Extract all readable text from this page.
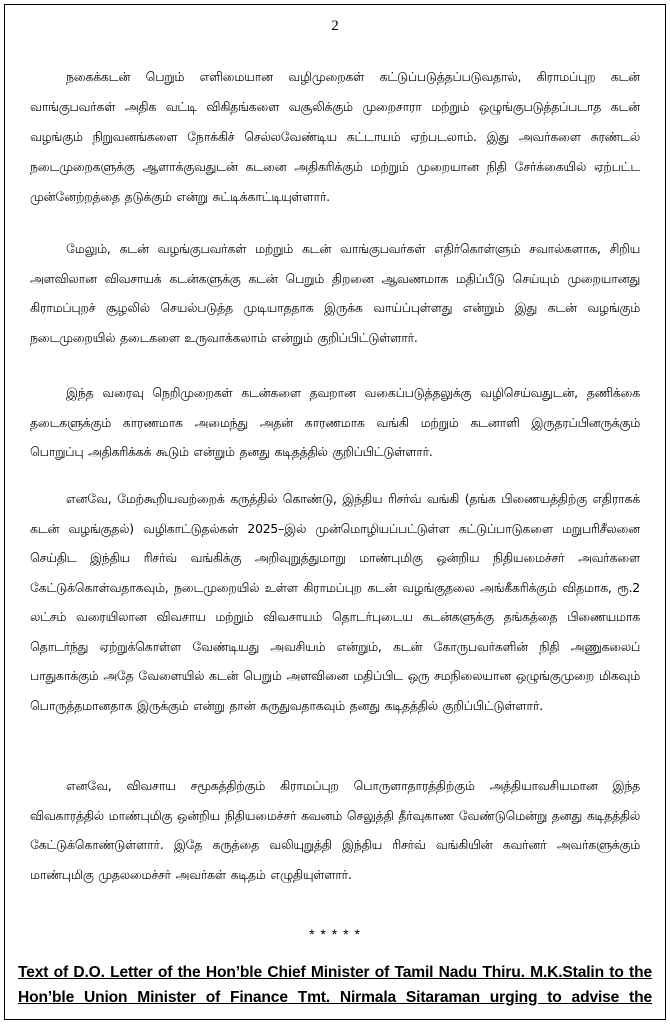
2

நகைக்கடன் பெறும் எளிமையான வழிமுறைகள் கட்டுப்படுத்தப்படுவதால், கிராமப்புற கடன் வாங்குபவர்கள் அதிக வட்டி விகிதங்களை வசூலிக்கும் முறைசாரா மற்றும் ஒழுங்குபடுத்தப்படாத கடன் வழங்கும் நிறுவனங்களை நோக்கிச் செல்லவேண்டிய கட்டாயம் ஏற்படலாம். இது அவர்களை சுரண்டல் நடைமுறைகளுக்கு ஆளாக்குவதுடன் கடனை அதிகரிக்கும் மற்றும் முறையான நிதி சேர்க்கையில் ஏற்பட்ட முன்னேற்றத்தை தடுக்கும் என்று சுட்டிக்காட்டியுள்ளார்.

மேலும், கடன் வழங்குபவர்கள் மற்றும் கடன் வாங்குபவர்கள் எதிர்கொள்ளும் சவால்களாக, சிறிய அளவிலான விவசாயக் கடன்களுக்கு கடன் பெறும் திறனை ஆவணமாக மதிப்பீடு செய்யும் முறையானது கிராமப்புறச் சூழலில் செயல்படுத்த முடியாததாக இருக்க வாய்ப்புள்ளது என்றும் இது கடன் வழங்கும் நடைமுறையில் தடைகளை உருவாக்கலாம் என்றும் குறிப்பிட்டுள்ளார்.

இந்த வரைவு நெறிமுறைகள் கடன்களை தவறான வகைப்படுத்தலுக்கு வழிசெய்வதுடன், தணிக்கை தடைகளுக்கும் காரணமாக அமைந்து அதன் காரணமாக வங்கி மற்றும் கடனாளி இருதரப்பினருக்கும் பொறுப்பு அதிகரிக்கக் கூடும் என்றும் தனது கடிதத்தில் குறிப்பிட்டுள்ளார்.

எனவே, மேற்கூறியவற்றைக் கருத்தில் கொண்டு, இந்திய ரிசர்வ் வங்கி (தங்க பிணையத்திற்கு எதிராகக் கடன் வழங்குதல்) வழிகாட்டுதல்கள் 2025–இல் முன்மொழியப்பட்டுள்ள கட்டுப்பாடுகளை மறுபரிசீலனை செய்திட இந்திய ரிசர்வ் வங்கிக்கு அறிவுறுத்துமாறு மாண்புமிகு ஒன்றிய நிதியமைச்சர் அவர்களை கேட்டுக்கொள்வதாகவும், நடைமுறையில் உள்ள கிராமப்புற கடன் வழங்குதலை அங்கீகரிக்கும் விதமாக, ரூ.2 லட்சம் வரையிலான விவசாய மற்றும் விவசாயம் தொடர்புடைய கடன்களுக்கு தங்கத்தை பிணையமாக தொடர்ந்து ஏற்றுக்கொள்ள வேண்டியது அவசியம் என்றும், கடன் கோருபவர்களின் நிதி அணுகலைப் பாதுகாக்கும் அதே வேளையில் கடன் பெறும் அளவினை மதிப்பிட ஒரு சமநிலையான ஒழுங்குமுறை மிகவும் பொருத்தமானதாக இருக்கும் என்று தான் கருதுவதாகவும் தனது கடிதத்தில் குறிப்பிட்டுள்ளார்.

எனவே, விவசாய சமூகத்திற்கும் கிராமப்புற பொருளாதாரத்திற்கும் அத்தியாவசியமான இந்த விவகாரத்தில் மாண்புமிகு ஒன்றிய நிதியமைச்சர் கவனம் செலுத்தி தீர்வுகாண வேண்டுமென்று தனது கடிதத்தில் கேட்டுக்கொண்டுள்ளார். இதே கருத்தை வலியுறுத்தி இந்திய ரிசர்வ் வங்கியின் கவர்னர் அவர்களுக்கும் மாண்புமிகு முதலமைச்சர் அவர்கள் கடிதம் எழுதியுள்ளார்.

* * * * *

Text of D.O. Letter of the Hon’ble Chief Minister of Tamil Nadu Thiru. M.K.Stalin to the Hon’ble Union Minister of Finance Tmt. Nirmala Sitaraman urging to advise the
